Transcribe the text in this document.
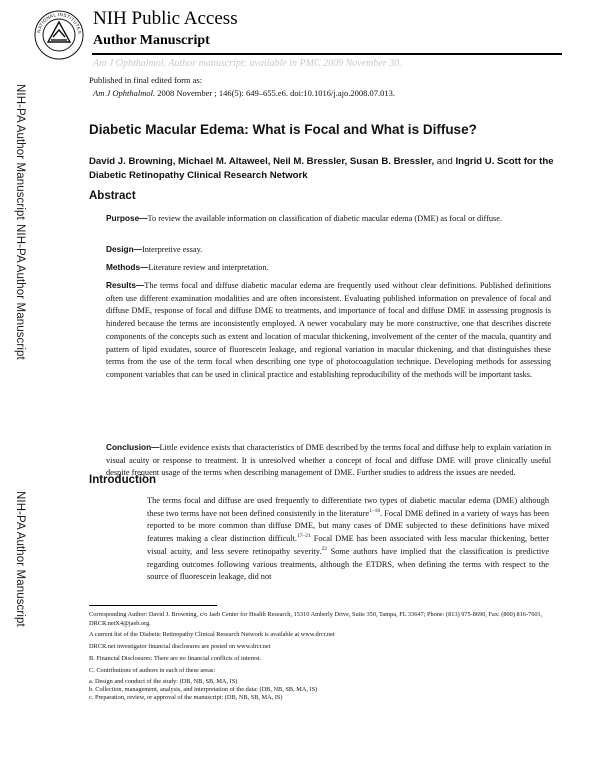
NATIONAL INSTITUTES
NIH Public Access
Author Manuscript
Am J Ophthalmol. Author manuscript; available in PMC 2009 November 30.
Published in final edited form as:
Am J Ophthalmol. 2008 November ; 146(5): 649–655.e6. doi:10.1016/j.ajo.2008.07.013.
NIH-PA Author Manuscript
NIH-PA Author Manuscript
NIH-PA Author Manuscript
Diabetic Macular Edema: What is Focal and What is Diffuse?
David J. Browning, Michael M. Altaweel, Neil M. Bressler, Susan B. Bressler, and Ingrid U. Scott for the Diabetic Retinopathy Clinical Research Network
Abstract
Purpose—To review the available information on classification of diabetic macular edema (DME) as focal or diffuse.
Design—Interpretive essay.
Methods—Literature review and interpretation.
Results—The terms focal and diffuse diabetic macular edema are frequently used without clear definitions. Published definitions often use different examination modalities and are often inconsistent. Evaluating published information on prevalence of focal and diffuse DME, response of focal and diffuse DME to treatments, and importance of focal and diffuse DME in assessing prognosis is hindered because the terms are inconsistently employed. A newer vocabulary may be more constructive, one that describes discrete components of the concepts such as extent and location of macular thickening, involvement of the center of the macula, quantity and pattern of lipid exudates, source of fluorescein leakage, and regional variation in macular thickening, and that distinguishes these terms from the use of the term focal when describing one type of photocoagulation technique. Developing methods for assessing component variables that can be used in clinical practice and establishing reproducibility of the methods will be important tasks.
Conclusion—Little evidence exists that characteristics of DME described by the terms focal and diffuse help to explain variation in visual acuity or response to treatment. It is unresolved whether a concept of focal and diffuse DME will prove clinically useful despite frequent usage of the terms when describing management of DME. Further studies to address the issues are needed.
Introduction
The terms focal and diffuse are used frequently to differentiate two types of diabetic macular edema (DME) although these two terms have not been defined consistently in the literature$^{1-16}$. Focal DME defined in a variety of ways has been reported to be more common than diffuse DME, but many cases of DME subjected to these definitions have mixed features making a clear distinction difficult.$^{17-21}$ Focal DME has been associated with less macular thickening, better visual acuity, and less severe retinopathy severity.$^{22}$ Some authors have implied that the classification is predictive regarding outcomes following various treatments, although the ETDRS, when defining the terms with respect to the source of fluorescein leakage, did not
Corresponding Author: David J. Browning, c/o Jaeb Center for Health Research, 15310 Amberly Drive, Suite 350, Tampa, FL 33647; Phone: (813) 975-8690, Fax: (800) 816-7601, DRCR.netX4@jaeb.org.
A current list of the Diabetic Retinopathy Clinical Research Network is available at www.drcr.net
DRCR.net investigator financial disclosures are posted on www.drcr.net
B. Financial Disclosures: There are no financial conflicts of interest.
C. Contributions of authors in each of these areas:
a. Design and conduct of the study: (DB, NB, SB, MA, IS)
b. Collection, management, analysis, and interpretation of the data: (DB, NB, SB, MA, IS)
c. Preparation, review, or approval of the manuscript: (DB, NB, SB, MA, IS)
